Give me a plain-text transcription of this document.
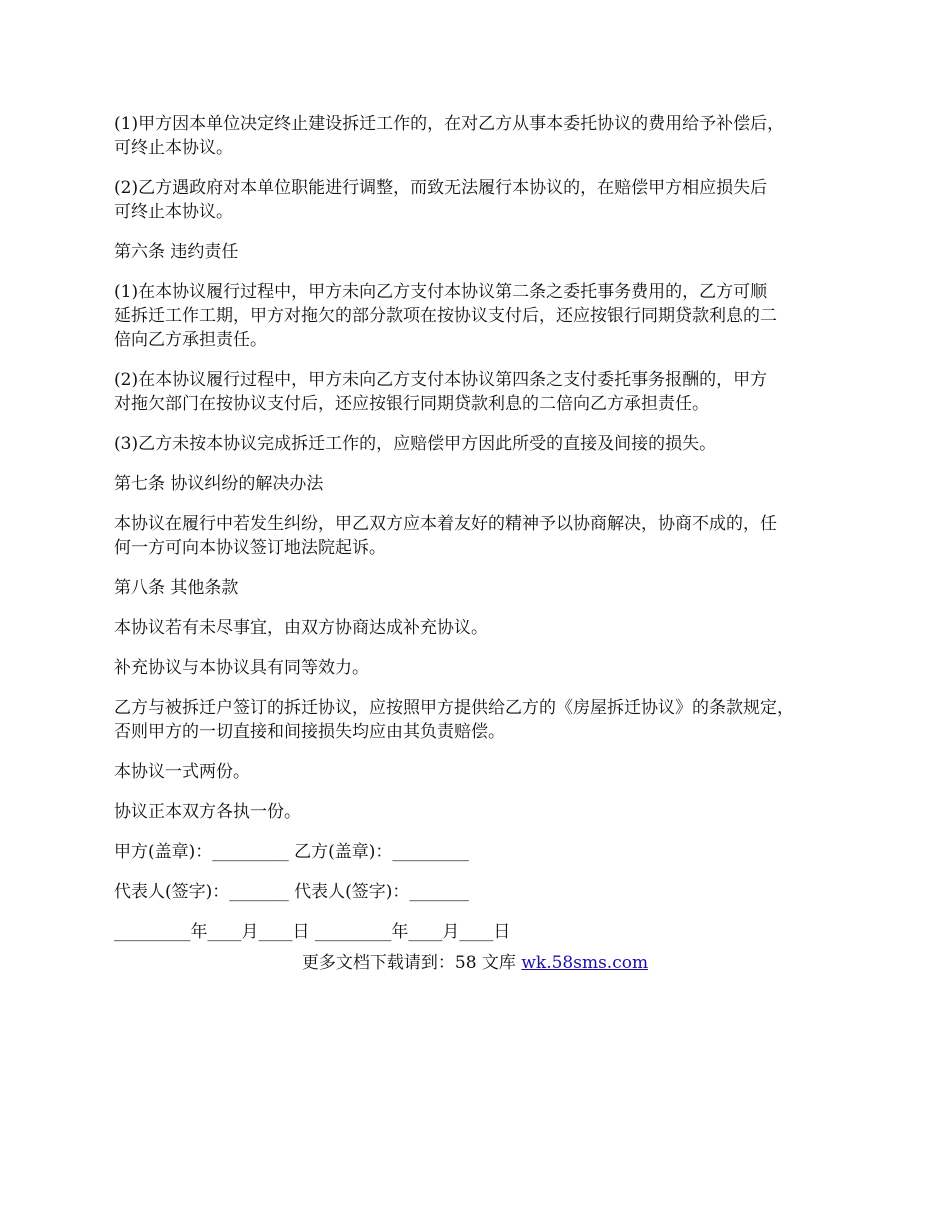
(1)甲方因本单位决定终止建设拆迁工作的，在对乙方从事本委托协议的费用给予补偿后，
可终止本协议。

(2)乙方遇政府对本单位职能进行调整，而致无法履行本协议的，在赔偿甲方相应损失后
可终止本协议。

第六条 违约责任

(1)在本协议履行过程中，甲方未向乙方支付本协议第二条之委托事务费用的，乙方可顺
延拆迁工作工期，甲方对拖欠的部分款项在按协议支付后，还应按银行同期贷款利息的二
倍向乙方承担责任。

(2)在本协议履行过程中，甲方未向乙方支付本协议第四条之支付委托事务报酬的，甲方
对拖欠部门在按协议支付后，还应按银行同期贷款利息的二倍向乙方承担责任。

(3)乙方未按本协议完成拆迁工作的，应赔偿甲方因此所受的直接及间接的损失。

第七条 协议纠纷的解决办法

本协议在履行中若发生纠纷，甲乙双方应本着友好的精神予以协商解决，协商不成的，任
何一方可向本协议签订地法院起诉。

第八条 其他条款

本协议若有未尽事宜，由双方协商达成补充协议。

补充协议与本协议具有同等效力。

乙方与被拆迁户签订的拆迁协议，应按照甲方提供给乙方的《房屋拆迁协议》的条款规定，
否则甲方的一切直接和间接损失均应由其负责赔偿。

本协议一式两份。

协议正本双方各执一份。

甲方(盖章)：_________ 乙方(盖章)：_________

代表人(签字)：_______ 代表人(签字)：_______

_________年____月____日 _________年____月____日

更多文档下载请到：58 文库 wk.58sms.com
